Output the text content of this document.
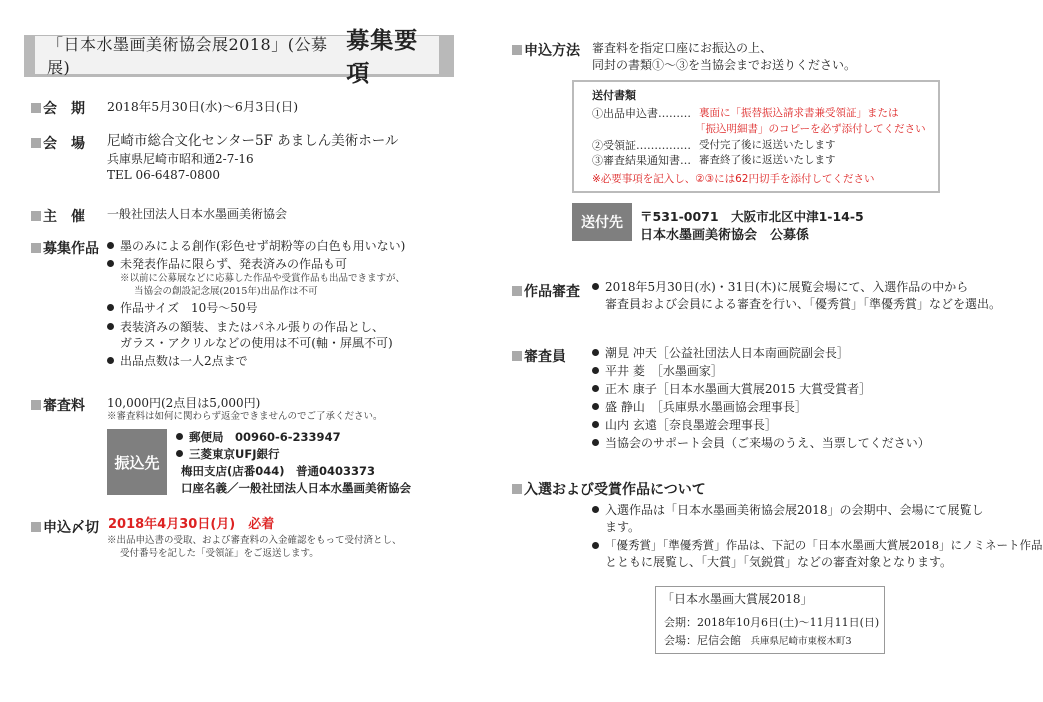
「日本水墨画美術協会展2018」(公募展)
募集要項
会　期 2018年5月30日(水)～6月3日(日)
会　場 尼崎市総合文化センター5F あましん美術ホール
兵庫県尼崎市昭和通2-7-16
TEL 06-6487-0800
主　催 一般社団法人日本水墨画美術協会
募集作品	墨のみによる創作(彩色せず胡粉等の白色も用いない)
未発表作品に限らず、発表済みの作品も可
※以前に公募展などに応募した作品や受賞作品も出品できますが、
当協会の創設記念展(2015年)出品作は不可
作品サイズ　10号～50号
表装済みの額装、またはパネル張りの作品とし、
ガラス・アクリルなどの使用は不可(軸・屏風不可)
出品点数は一人2点まで
審査料 10,000円(2点目は5,000円)
※審査料は如何に関わらず返金できませんのでご了承ください。
振込先
郵便局　00960-6-233947
三菱東京UFJ銀行
梅田支店(店番044)　普通0403373
口座名義／一般社団法人日本水墨画美術協会
申込〆切 2018年4月30日(月)　必着
※出品申込書の受取、および審査料の入金確認をもって受付済とし、
受付番号を記した「受領証」をご返送します。
申込方法 審査料を指定口座にお振込の上、
同封の書類①～③を当協会までお送りください。
送付書類
①出品申込書……… 裏面に「振替振込請求書兼受領証」または
「振込明細書」のコピーを必ず添付してください
②受領証…………… 受付完了後に返送いたします
③審査結果通知書… 審査終了後に返送いたします
※必要事項を記入し、②③には62円切手を添付してください
送付先	〒531-0071　大阪市北区中津1-14-5
日本水墨画美術協会　公募係
作品審査	2018年5月30日(水)・31日(木)に展覧会場にて、入選作品の中から
審査員および会員による審査を行い、「優秀賞」「準優秀賞」などを選出。
審査員	潮見 冲天［公益社団法人日本南画院副会長］
平井 菱　［水墨画家］
正木 康子［日本水墨画大賞展2015 大賞受賞者］
盛 静山　［兵庫県水墨画協会理事長］
山内 玄遠［奈良墨遊会理事長］
当協会のサポート会員（ご来場のうえ、当票してください）
入選および受賞作品について
入選作品は「日本水墨画美術協会展2018」の会期中、会場にて展覧し
ます。
「優秀賞」「準優秀賞」作品は、下記の「日本水墨画大賞展2018」にノミネート作品
とともに展覧し、「大賞」「気鋭賞」などの審査対象となります。
「日本水墨画大賞展2018」
会期：2018年10月6日(土)～11月11日(日)
会場：尼信会館 兵庫県尼崎市東桜木町3
